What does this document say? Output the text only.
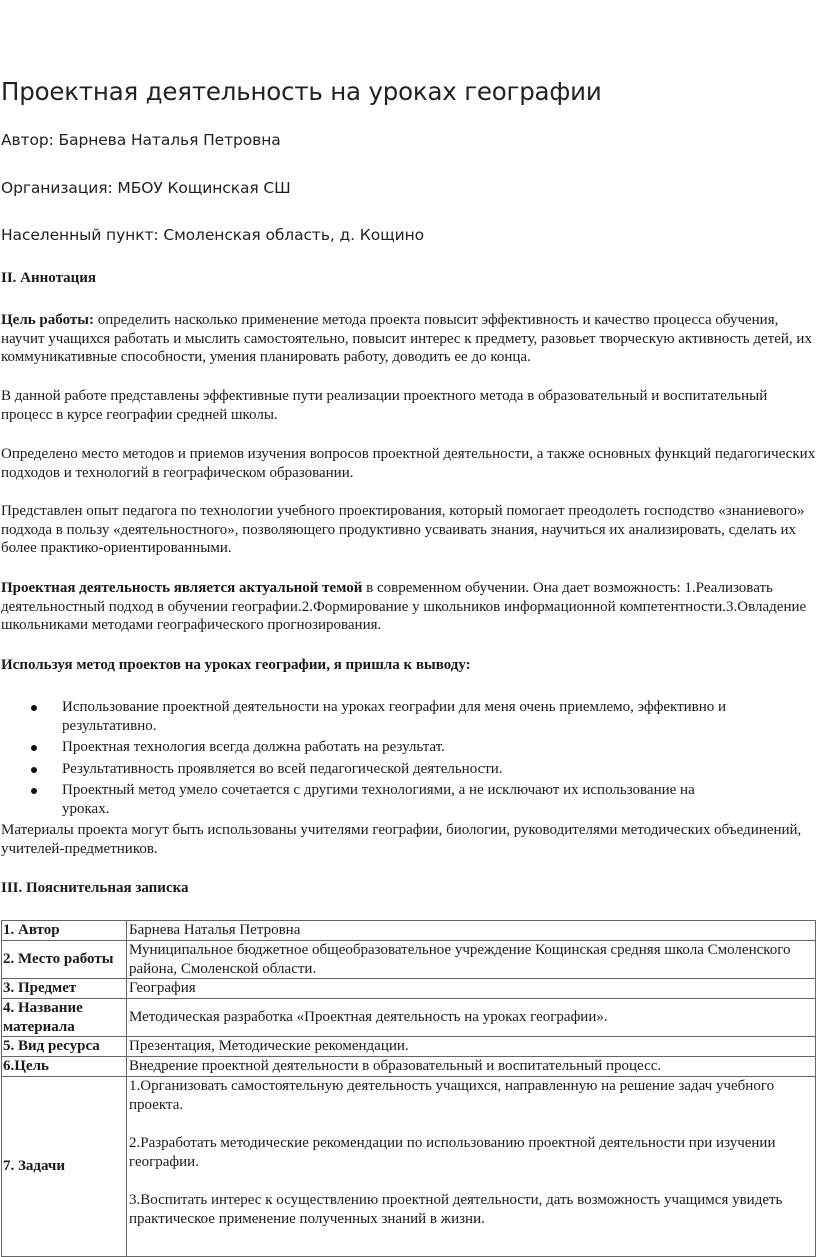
Проектная деятельность на уроках географии

Автор: Барнева Наталья Петровна

Организация: МБОУ Кощинская СШ

Населенный пункт: Смоленская область, д. Кощино

II. Аннотация

Цель работы: определить насколько применение метода проекта повысит эффективность и качество процесса обучения, научит учащихся работать и мыслить самостоятельно, повысит интерес к предмету, разовьет творческую активность детей, их коммуникативные способности, умения планировать работу, доводить ее до конца.

В данной работе представлены эффективные пути реализации проектного метода в образовательный и воспитательный процесс в курсе географии средней школы.

Определено место методов и приемов изучения вопросов проектной деятельности, а также основных функций педагогических подходов и технологий в географическом образовании.

Представлен опыт педагога по технологии учебного проектирования, который помогает преодолеть господство «знаниевого» подхода в пользу «деятельностного», позволяющего продуктивно усваивать знания, научиться их анализировать, сделать их более практико-ориентированными.

Проектная деятельность является актуальной темой в современном обучении. Она дает возможность: 1.Реализовать деятельностный подход в обучении географии.2.Формирование у школьников информационной компетентности.3.Овладение школьниками методами географического прогнозирования.

Используя метод проектов на уроках географии, я пришла к выводу:

Использование проектной деятельности на уроках географии для меня очень приемлемо, эффективно и результативно.
Проектная технология всегда должна работать на результат.
Результативность проявляется во всей педагогической деятельности.
Проектный метод умело сочетается с другими технологиями, а не исключают их использование на уроках.

Материалы проекта могут быть использованы учителями географии, биологии, руководителями методических объединений, учителей-предметников.

III. Пояснительная записка

1. Автор	Барнева Наталья Петровна
2. Место работы	Муниципальное бюджетное общеобразовательное учреждение Кощинская средняя школа Смоленского района, Смоленской области.
3. Предмет	География
4. Название материала	Методическая разработка «Проектная деятельность на уроках географии».
5. Вид ресурса	Презентация, Методические рекомендации.
6.Цель	Внедрение проектной деятельности в образовательный и воспитательный процесс.
7. Задачи	1.Организовать самостоятельную деятельность учащихся, направленную на решение задач учебного проекта.

2.Разработать методические рекомендации по использованию проектной деятельности при изучении географии.

3.Воспитать интерес к осуществлению проектной деятельности, дать возможность учащимся увидеть практическое применение полученных знаний в жизни.
